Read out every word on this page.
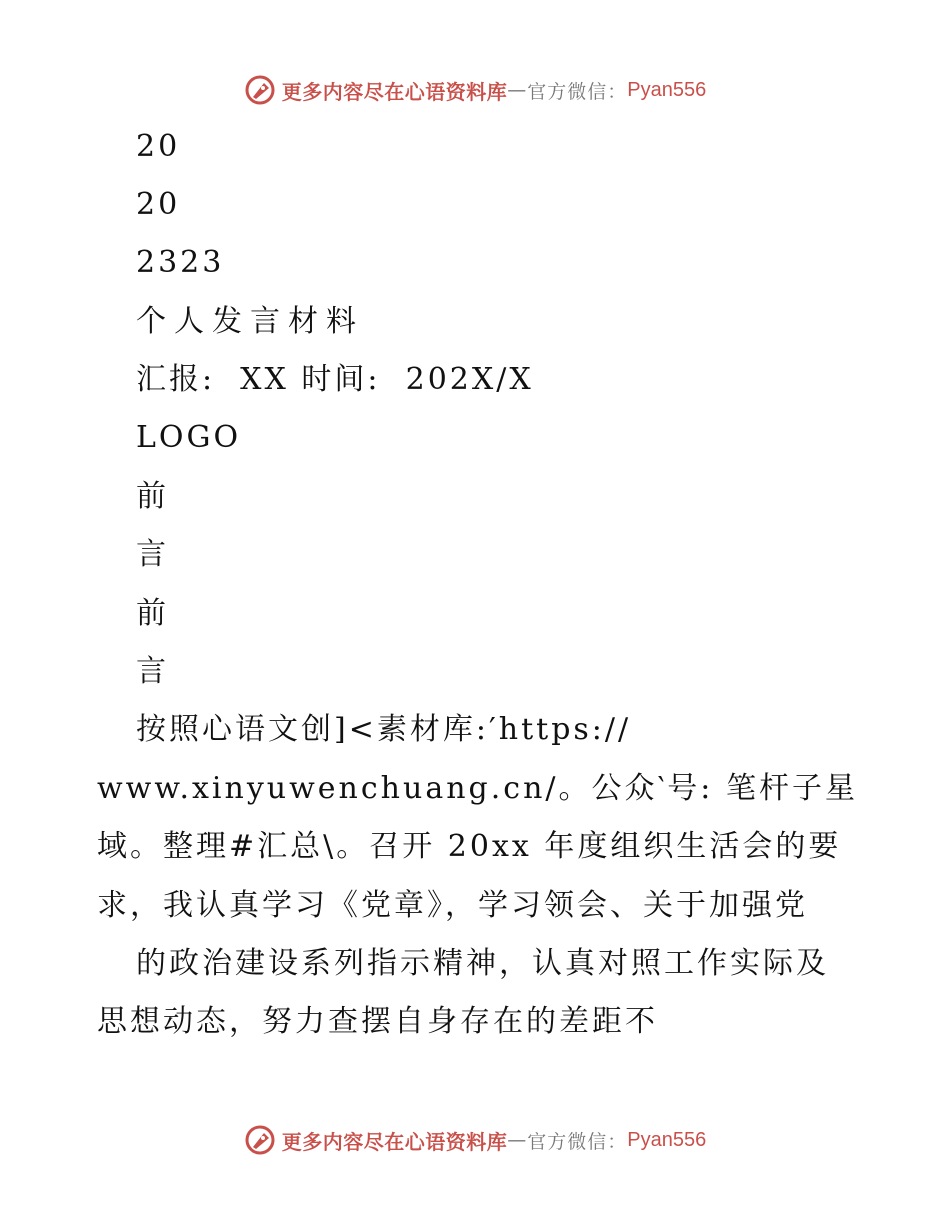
更多内容尽在心语资料库 — 官方微信： Pyan556
20
20
2323
个人发言材料
汇报:  XX 时间:  202X/X
LOGO
前
言
前
言
按照心语文创]<素材库:′https://
www.xinyuwenchuang.cn/。公众‵号: 笔杆子星
域。整理#汇总\。召开 20xx 年度组织生活会的要
求，我认真学习《党章》，学习领会、关于加强党
的政治建设系列指示精神，认真对照工作实际及
思想动态，努力查摆自身存在的差距不
更多内容尽在心语资料库 — 官方微信： Pyan556
